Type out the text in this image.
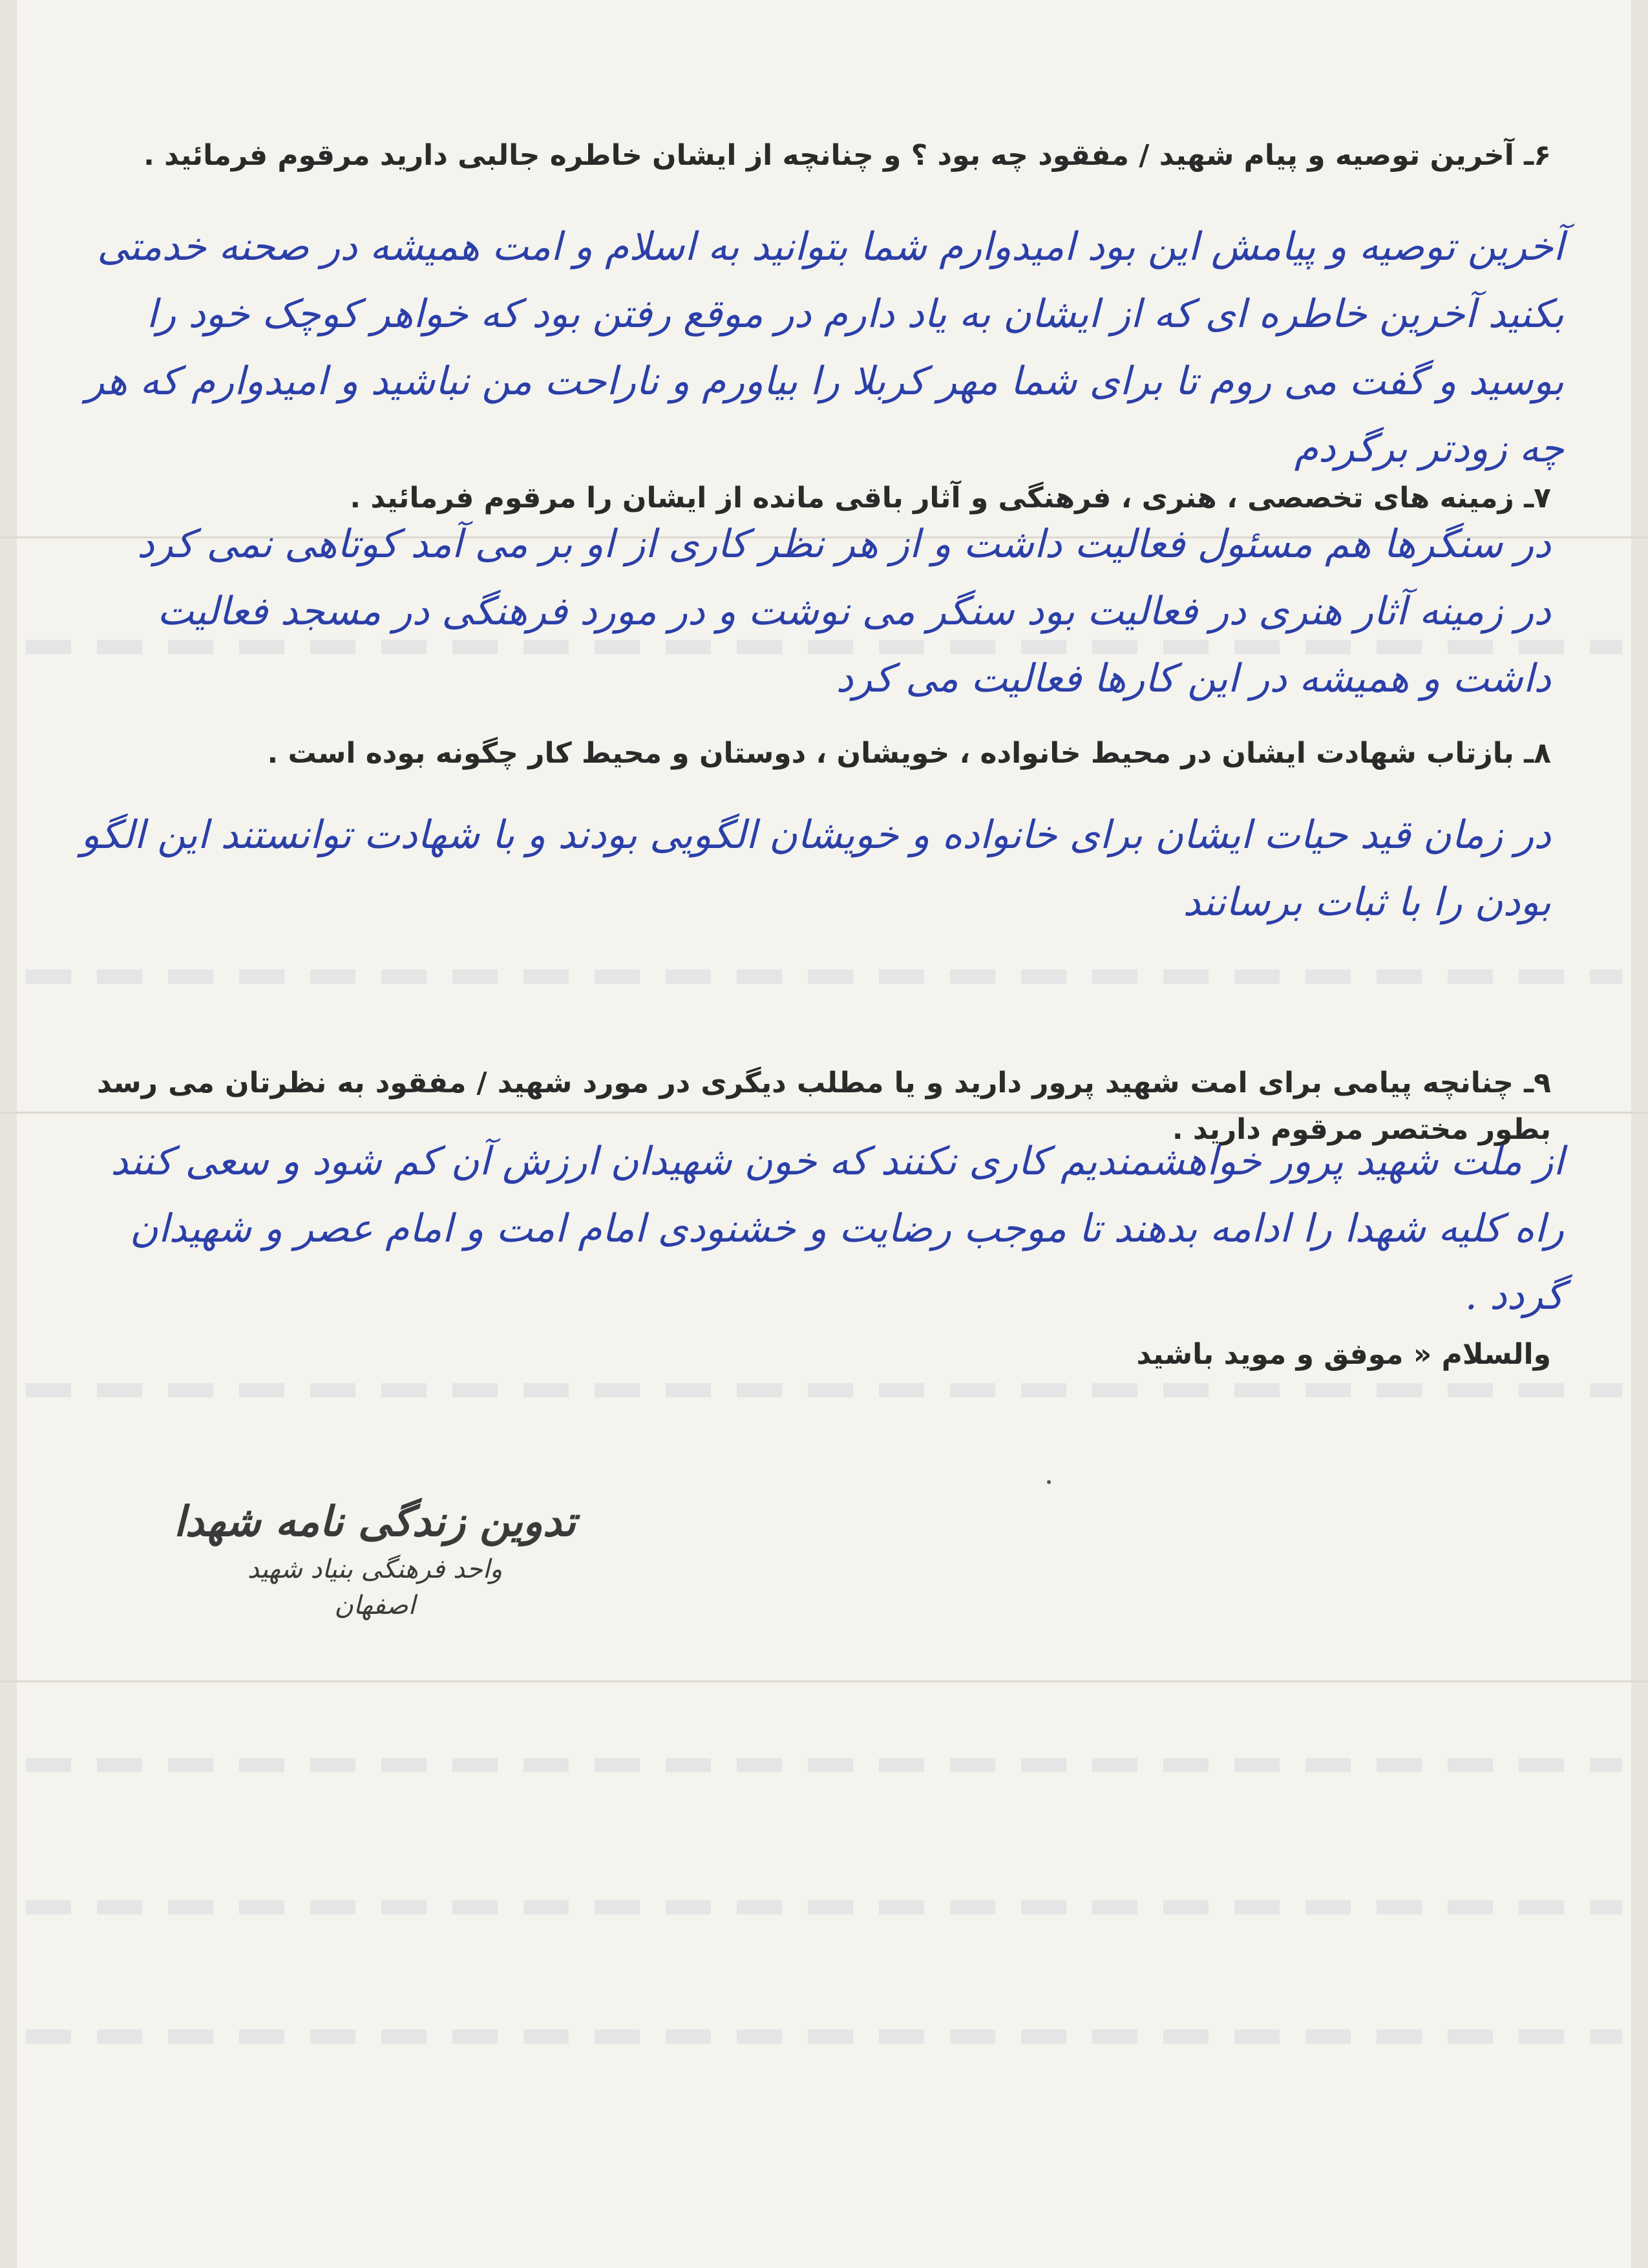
۶ـ آخرین توصیه و پیام شهید / مفقود چه بود ؟ و چنانچه از ایشان خاطره جالبی دارید مرقوم فرمائید .

آخرین توصیه و پیامش این بود امیدوارم شما بتوانید به اسلام و امت همیشه در صحنه خدمتی بکنید آخرین خاطره ای که از ایشان به یاد دارم در موقع رفتن بود که خواهر کوچک خود را بوسید و گفت می روم تا برای شما مهر کربلا را بیاورم و ناراحت من نباشید و امیدوارم که هر چه زودتر برگردم

۷ـ زمینه های تخصصی ، هنری ، فرهنگی و آثار باقی مانده از ایشان را مرقوم فرمائید .

در سنگرها هم مسئول فعالیت داشت و از هر نظر کاری از او بر می آمد کوتاهی نمی کرد در زمینه آثار هنری در فعالیت بود سنگر می نوشت و در مورد فرهنگی در مسجد فعالیت داشت و همیشه در این کارها فعالیت می کرد

۸ـ بازتاب شهادت ایشان در محیط خانواده ، خویشان ، دوستان و محیط کار چگونه بوده است .

در زمان قید حیات ایشان برای خانواده و خویشان الگویی بودند و با شهادت توانستند این الگو بودن را با ثبات برسانند

۹ـ چنانچه پیامی برای امت شهید پرور دارید و یا مطلب دیگری در مورد شهید / مفقود به نظرتان می رسد بطور مختصر مرقوم دارید .

از ملت شهید پرور خواهشمندیم کاری نکنند که خون شهیدان ارزش آن کم شود و سعی کنند راه کلیه شهدا را ادامه بدهند تا موجب رضایت و خشنودی امام امت و امام عصر و شهیدان گردد .

والسلام « موفق و موید باشید

تدوین زندگی نامه شهدا
واحد فرهنگی بنیاد شهید
اصفهان
